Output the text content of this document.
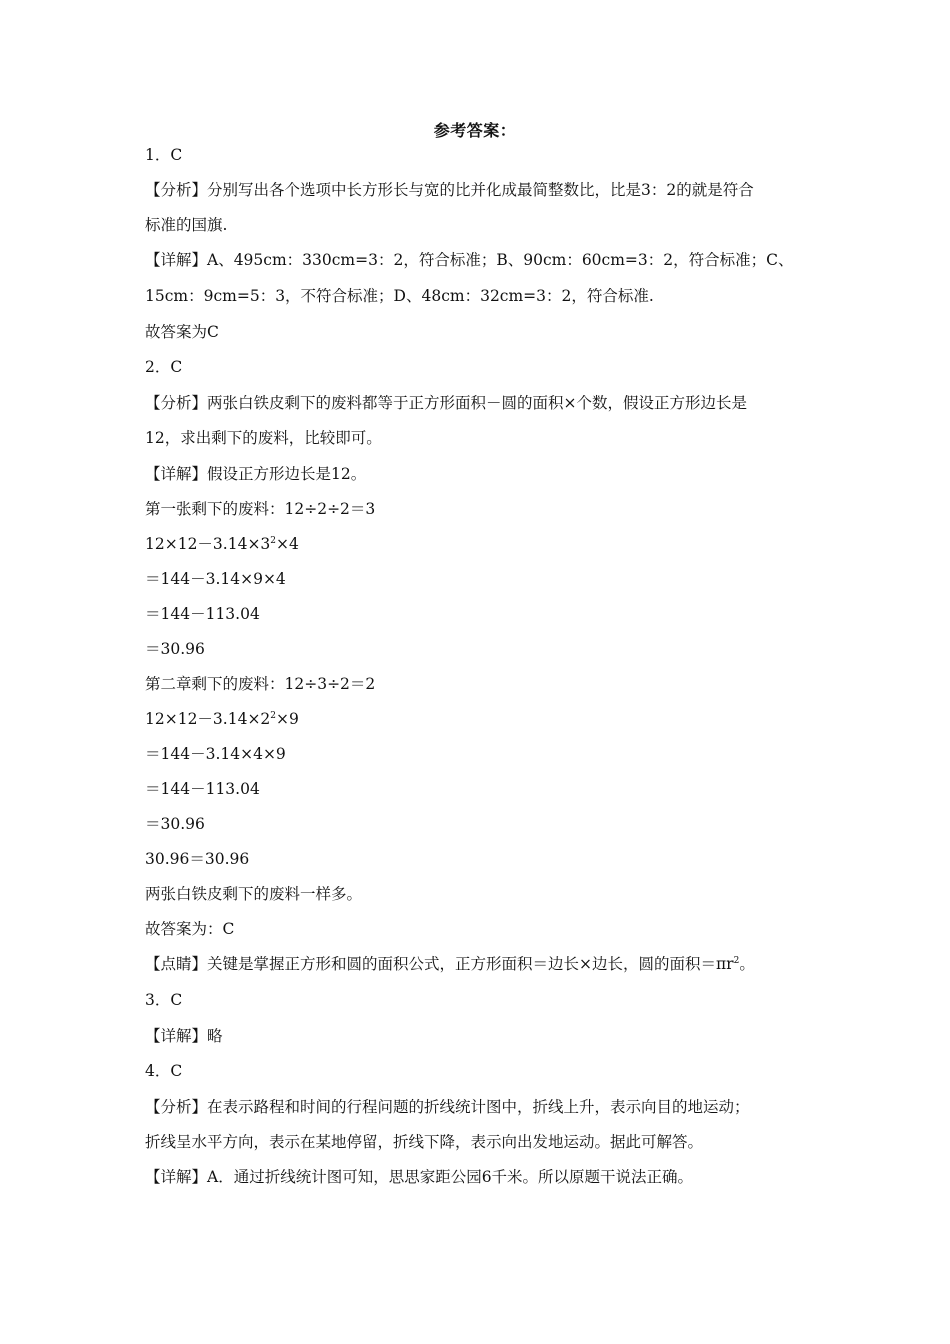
参考答案：
1．C
【分析】分别写出各个选项中长方形长与宽的比并化成最简整数比，比是3：2的就是符合
标准的国旗.
【详解】A、495cm：330cm=3：2，符合标准；B、90cm：60cm=3：2，符合标准；C、
15cm：9cm=5：3，不符合标准；D、48cm：32cm=3：2，符合标准.
故答案为C
2．C
【分析】两张白铁皮剩下的废料都等于正方形面积－圆的面积×个数，假设正方形边长是
12，求出剩下的废料，比较即可。
【详解】假设正方形边长是12。
第一张剩下的废料：12÷2÷2＝3
$12\times 12-3.14\times 3^2\times 4$
＝144－3.14×9×4
＝144－113.04
＝30.96
第二章剩下的废料：12÷3÷2＝2
$12\times 12-3.14\times 2^2\times 9$
＝144－3.14×4×9
＝144－113.04
＝30.96
30.96＝30.96
两张白铁皮剩下的废料一样多。
故答案为：C
【点睛】关键是掌握正方形和圆的面积公式，正方形面积＝边长×边长，圆的面积$=\pi r^2$。
3．C
【详解】略
4．C
【分析】在表示路程和时间的行程问题的折线统计图中，折线上升，表示向目的地运动；
折线呈水平方向，表示在某地停留，折线下降，表示向出发地运动。据此可解答。
【详解】A．通过折线统计图可知，思思家距公园6千米。所以原题干说法正确。
